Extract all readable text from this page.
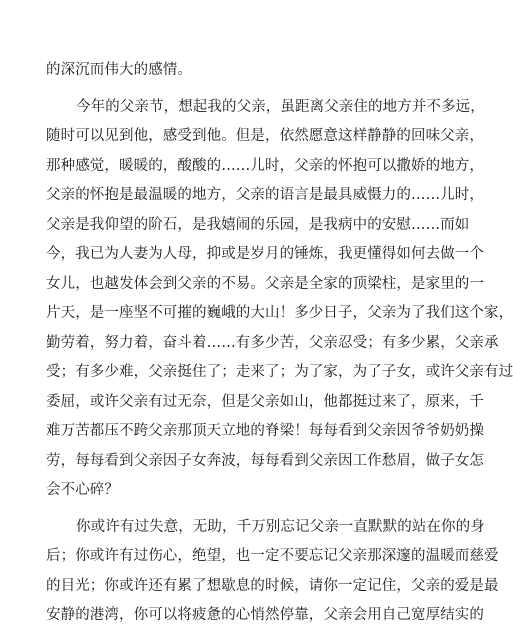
的深沉而伟大的感情。
今年的父亲节，想起我的父亲，虽距离父亲住的地方并不多远，
随时可以见到他，感受到他。但是，依然愿意这样静静的回味父亲，
那种感觉，暖暖的，酸酸的……儿时，父亲的怀抱可以撒娇的地方，
父亲的怀抱是最温暖的地方，父亲的语言是最具威慑力的……儿时，
父亲是我仰望的阶石，是我嬉闹的乐园，是我病中的安慰……而如
今，我已为人妻为人母，抑或是岁月的锤炼，我更懂得如何去做一个
女儿，也越发体会到父亲的不易。父亲是全家的顶梁柱，是家里的一
片天，是一座坚不可摧的巍峨的大山！多少日子，父亲为了我们这个家，
勤劳着，努力着，奋斗着……有多少苦，父亲忍受；有多少累，父亲承
受；有多少难，父亲挺住了；走来了；为了家，为了子女，或许父亲有过
委屈，或许父亲有过无奈，但是父亲如山，他都挺过来了，原来，千
难万苦都压不跨父亲那顶天立地的脊梁！每每看到父亲因爷爷奶奶操
劳，每每看到父亲因子女奔波，每每看到父亲因工作愁眉，做子女怎
会不心碎？
你或许有过失意，无助，千万别忘记父亲一直默默的站在你的身
后；你或许有过伤心，绝望，也一定不要忘记父亲那深邃的温暖而慈爱
的目光；你或许还有累了想歇息的时候，请你一定记住，父亲的爱是最
安静的港湾，你可以将疲惫的心悄然停靠，父亲会用自己宽厚结实的
